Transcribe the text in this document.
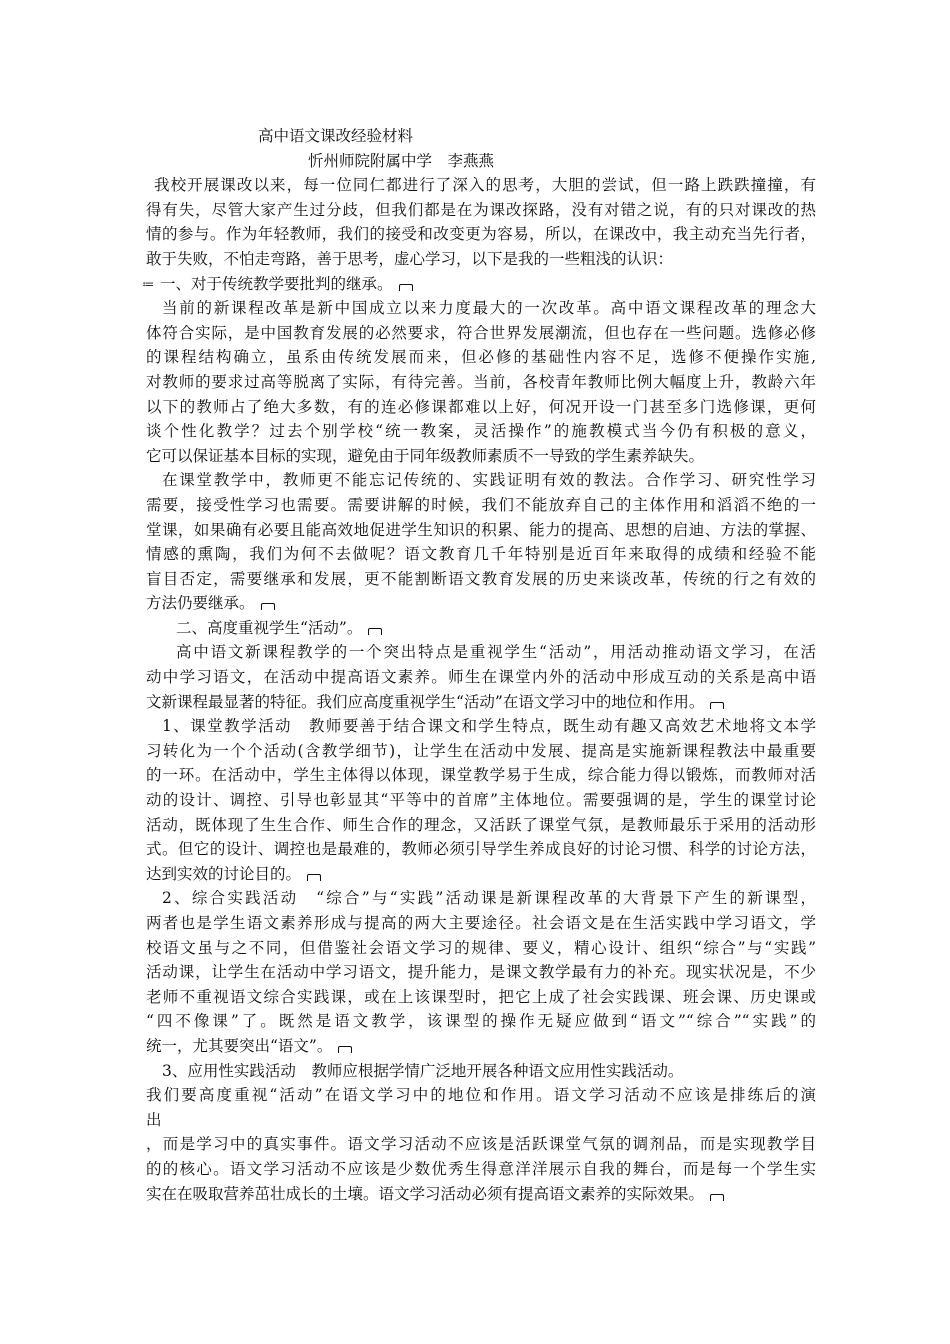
高中语文课改经验材料
忻州师院附属中学　李燕燕
我校开展课改以来，每一位同仁都进行了深入的思考，大胆的尝试，但一路上跌跌撞撞，有
得有失，尽管大家产生过分歧，但我们都是在为课改探路，没有对错之说，有的只对课改的热
情的参与。作为年轻教师，我们的接受和改变更为容易，所以，在课改中，我主动充当先行者，
敢于失败，不怕走弯路，善于思考，虚心学习，以下是我的一些粗浅的认识：
≔ 一、对于传统教学要批判的继承。
当前的新课程改革是新中国成立以来力度最大的一次改革。高中语文课程改革的理念大
体符合实际，是中国教育发展的必然要求，符合世界发展潮流，但也存在一些问题。选修必修
的课程结构确立，虽系由传统发展而来，但必修的基础性内容不足，选修不便操作实施,
对教师的要求过高等脱离了实际，有待完善。当前，各校青年教师比例大幅度上升，教龄六年
以下的教师占了绝大多数，有的连必修课都难以上好，何况开设一门甚至多门选修课，更何
谈个性化教学？过去个别学校“统一教案，灵活操作”的施教模式当今仍有积极的意义，
它可以保证基本目标的实现，避免由于同年级教师素质不一导致的学生素养缺失。
在课堂教学中，教师更不能忘记传统的、实践证明有效的教法。合作学习、研究性学习
需要，接受性学习也需要。需要讲解的时候，我们不能放弃自己的主体作用和滔滔不绝的一
堂课，如果确有必要且能高效地促进学生知识的积累、能力的提高、思想的启迪、方法的掌握、
情感的熏陶，我们为何不去做呢？语文教育几千年特别是近百年来取得的成绩和经验不能
盲目否定，需要继承和发展，更不能割断语文教育发展的历史来谈改革，传统的行之有效的
方法仍要继承。
二、高度重视学生“活动”。
高中语文新课程教学的一个突出特点是重视学生“活动”，用活动推动语文学习，在活
动中学习语文，在活动中提高语文素养。师生在课堂内外的活动中形成互动的关系是高中语
文新课程最显著的特征。我们应高度重视学生“活动”在语文学习中的地位和作用。
1、课堂教学活动　教师要善于结合课文和学生特点，既生动有趣又高效艺术地将文本学
习转化为一个个活动(含教学细节)，让学生在活动中发展、提高是实施新课程教法中最重要
的一环。在活动中，学生主体得以体现，课堂教学易于生成，综合能力得以锻炼，而教师对活
动的设计、调控、引导也彰显其“平等中的首席”主体地位。需要强调的是，学生的课堂讨论
活动，既体现了生生合作、师生合作的理念，又活跃了课堂气氛，是教师最乐于采用的活动形
式。但它的设计、调控也是最难的，教师必须引导学生养成良好的讨论习惯、科学的讨论方法，
达到实效的讨论目的。
2、综合实践活动　“综合”与“实践”活动课是新课程改革的大背景下产生的新课型，
两者也是学生语文素养形成与提高的两大主要途径。社会语文是在生活实践中学习语文，学
校语文虽与之不同，但借鉴社会语文学习的规律、要义，精心设计、组织“综合”与“实践”
活动课，让学生在活动中学习语文，提升能力，是课文教学最有力的补充。现实状况是，不少
老师不重视语文综合实践课，或在上该课型时，把它上成了社会实践课、班会课、历史课或
“四不像课”了。既然是语文教学，该课型的操作无疑应做到“语文”“综合”“实践”的
统一，尤其要突出“语文”。
3、应用性实践活动　教师应根据学情广泛地开展各种语文应用性实践活动。
我们要高度重视“活动”在语文学习中的地位和作用。语文学习活动不应该是排练后的演
出
，而是学习中的真实事件。语文学习活动不应该是活跃课堂气氛的调剂品，而是实现教学目
的的核心。语文学习活动不应该是少数优秀生得意洋洋展示自我的舞台，而是每一个学生实
实在在吸取营养茁壮成长的土壤。语文学习活动必须有提高语文素养的实际效果。
